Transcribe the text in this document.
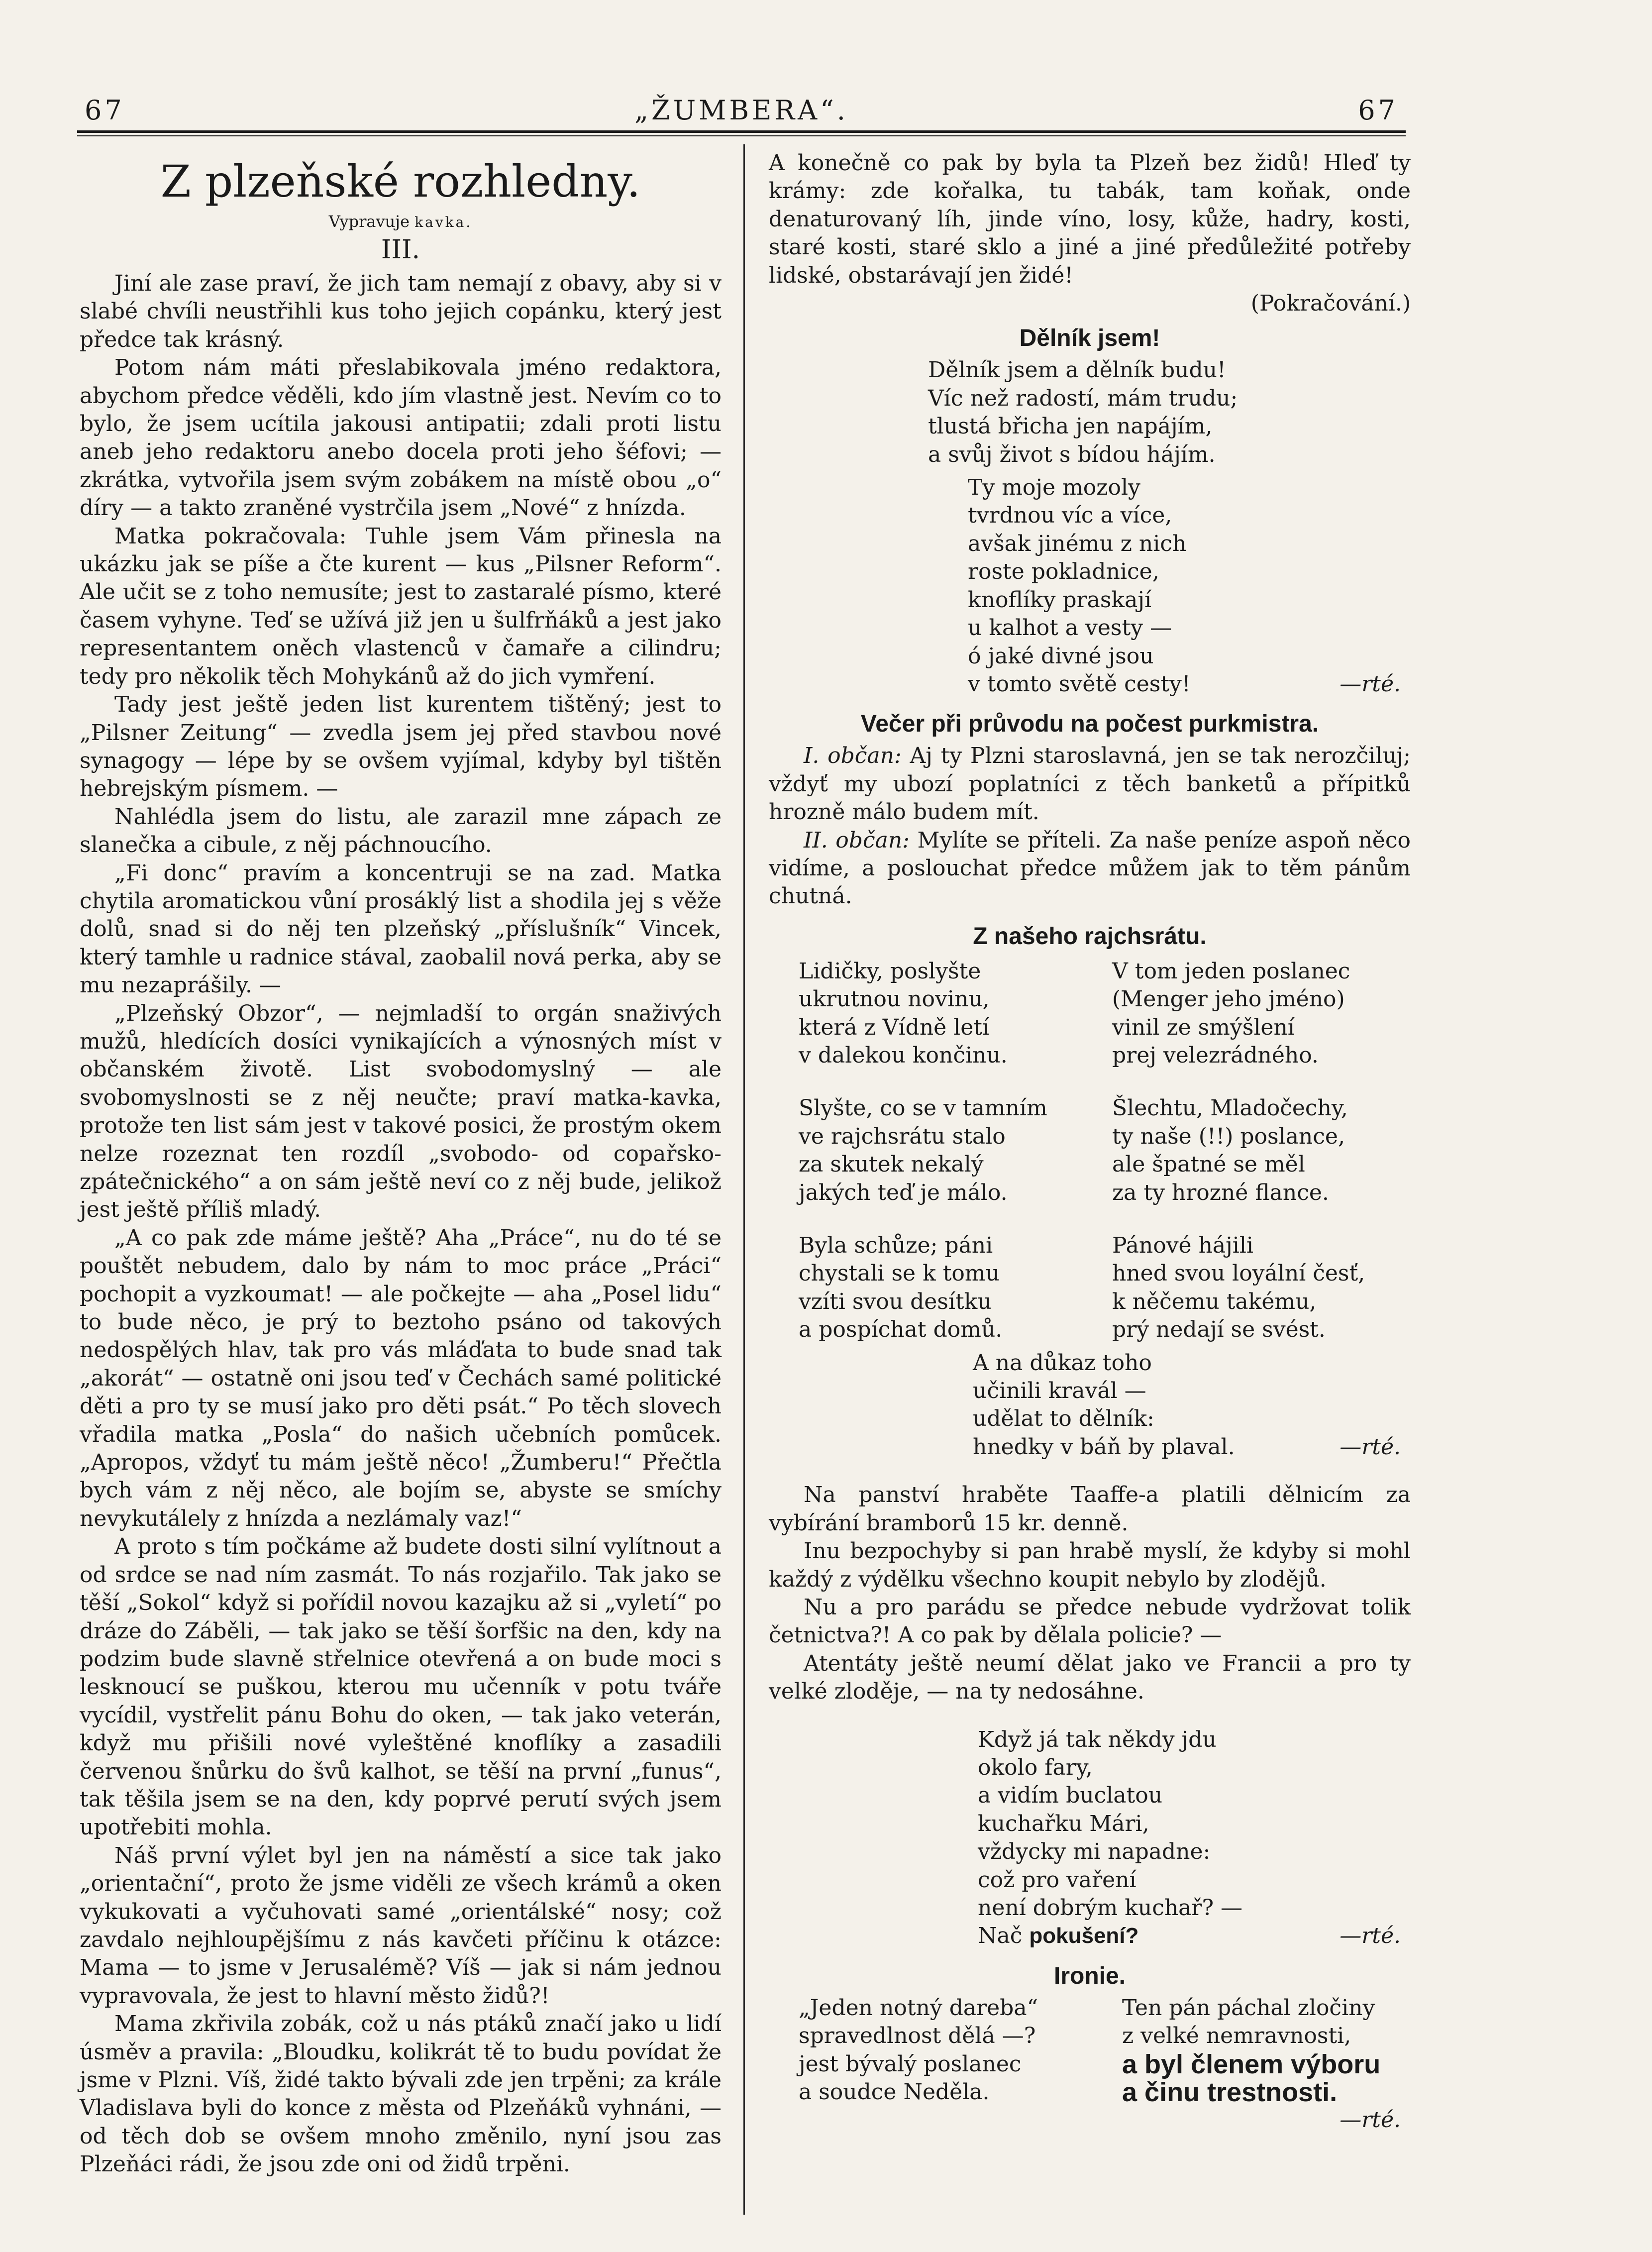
67	„ŽUMBERA“.	67
Z plzeňské rozhledny.
Vypravuje kavka.
III.

Jiní ale zase praví, že jich tam nemají z obavy, aby si v slabé chvíli neustřihli kus toho jejich copánku, který jest předce tak krásný.

Potom nám máti přeslabikovala jméno redaktora, abychom předce věděli, kdo jím vlastně jest. Nevím co to bylo, že jsem ucítila jakousi antipatii; zdali proti listu aneb jeho redaktoru anebo docela proti jeho šéfovi; — zkrátka, vytvořila jsem svým zobákem na místě obou „o“ díry — a takto zraněné vystrčila jsem „Nové“ z hnízda.

Matka pokračovala: Tuhle jsem Vám přinesla na ukázku jak se píše a čte kurent — kus „Pilsner Reform“. Ale učit se z toho nemusíte; jest to zastaralé písmo, které časem vyhyne. Teď se užívá již jen u šulfrňáků a jest jako representantem oněch vlastenců v čamaře a cilindru; tedy pro několik těch Mohykánů až do jich vymření.

Tady jest ještě jeden list kurentem tištěný; jest to „Pilsner Zeitung“ — zvedla jsem jej před stavbou nové synagogy — lépe by se ovšem vyjímal, kdyby byl tištěn hebrejským písmem. —

Nahlédla jsem do listu, ale zarazil mne zápach ze slanečka a cibule, z něj páchnoucího.

„Fi donc“ pravím a koncentruji se na zad. Matka chytila aromatickou vůní prosáklý list a shodila jej s věže dolů, snad si do něj ten plzeňský „příslušník“ Vincek, který tamhle u radnice stával, zaobalil nová perka, aby se mu nezaprášily. —

„Plzeňský Obzor“, — nejmladší to orgán snaživých mužů, hledících dosíci vynikajících a výnosných míst v občanském životě. List svobodomyslný — ale svobomyslnosti se z něj neučte; praví matka-kavka, protože ten list sám jest v takové posici, že prostým okem nelze rozeznat ten rozdíl „svobodo- od copařsko-zpátečnického“ a on sám ještě neví co z něj bude, jelikož jest ještě příliš mladý.

„A co pak zde máme ještě? Aha „Práce“, nu do té se pouštět nebudem, dalo by nám to moc práce „Práci“ pochopit a vyzkoumat! — ale počkejte — aha „Posel lidu“ to bude něco, je prý to beztoho psáno od takových nedospělých hlav, tak pro vás mláďata to bude snad tak „akorát“ — ostatně oni jsou teď v Čechách samé politické děti a pro ty se musí jako pro děti psát.“ Po těch slovech vřadila matka „Posla“ do našich učebních pomůcek. „Apropos, vždyť tu mám ještě něco! „Žumberu!“ Přečtla bych vám z něj něco, ale bojím se, abyste se smíchy nevykutálely z hnízda a nezlámaly vaz!“

A proto s tím počkáme až budete dosti silní vylítnout a od srdce se nad ním zasmát. To nás rozjařilo. Tak jako se těší „Sokol“ když si pořídil novou kazajku až si „vyletí“ po dráze do Záběli, — tak jako se těší šorfšic na den, kdy na podzim bude slavně střelnice otevřená a on bude moci s lesknoucí se puškou, kterou mu učenník v potu tváře vycídil, vystřelit pánu Bohu do oken, — tak jako veterán, když mu přišili nové vyleštěné knoflíky a zasadili červenou šnůrku do švů kalhot, se těší na první „funus“, tak těšila jsem se na den, kdy poprvé perutí svých jsem upotřebiti mohla.

Náš první výlet byl jen na náměstí a sice tak jako „orientační“, proto že jsme viděli ze všech krámů a oken vykukovati a vyčuhovati samé „orientálské“ nosy; což zavdalo nejhloupějšímu z nás kavčeti příčinu k otázce: Mama — to jsme v Jerusalémě? Víš — jak si nám jednou vypravovala, že jest to hlavní město židů?!

Mama zkřivila zobák, což u nás ptáků značí jako u lidí úsměv a pravila: „Bloudku, kolikrát tě to budu povídat že jsme v Plzni. Víš, židé takto bývali zde jen trpěni; za krále Vladislava byli do konce z města od Plzeňáků vyhnáni, — od těch dob se ovšem mnoho změnilo, nyní jsou zas Plzeňáci rádi, že jsou zde oni od židů trpěni.

A konečně co pak by byla ta Plzeň bez židů! Hleď ty krámy: zde kořalka, tu tabák, tam koňak, onde denaturovaný líh, jinde víno, losy, kůže, hadry, kosti, staré kosti, staré sklo a jiné a jiné předůležité potřeby lidské, obstarávají jen židé!

(Pokračování.)
Dělník jsem!
Dělník jsem a dělník budu!
Víc než radostí, mám trudu;
tlustá břicha jen napájím,
a svůj život s bídou hájím.
Ty moje mozoly
tvrdnou víc a více,
avšak jinému z nich
roste pokladnice,
knoflíky praskají
u kalhot a vesty —
ó jaké divné jsou
v tomto světě cesty!	—rté.
Večer při průvodu na počest purkmistra.

I. občan: Aj ty Plzni staroslavná, jen se tak nerozčiluj; vždyť my ubozí poplatníci z těch banketů a přípitků hrozně málo budem mít.

II. občan: Mylíte se příteli. Za naše peníze aspoň něco vidíme, a poslouchat předce můžem jak to těm pánům chutná.

Z našeho rajchsrátu.
Lidičky, poslyšte
ukrutnou novinu,
která z Vídně letí
v dalekou končinu.
Slyšte, co se v tamním
ve rajchsrátu stalo
za skutek nekalý
jakých teď je málo.
Byla schůze; páni
chystali se k tomu
vzíti svou desítku
a pospíchat domů.
V tom jeden poslanec
(Menger jeho jméno)
vinil ze smýšlení
prej velezrádného.
Šlechtu, Mladočechy,
ty naše (!!) poslance,
ale špatné se měl
za ty hrozné flance.
Pánové hájili
hned svou loyální česť,
k něčemu takému,
prý nedají se svést.
A na důkaz toho
učinili kravál —
udělat to dělník:
hnedky v báň by plaval.	—rté.

Na panství hraběte Taaffe-a platili dělnicím za vybírání bramborů 15 kr. denně.

Inu bezpochyby si pan hrabě myslí, že kdyby si mohl každý z výdělku všechno koupit nebylo by zlodějů.

Nu a pro parádu se předce nebude vydržovat tolik četnictva?! A co pak by dělala policie? —

Atentáty ještě neumí dělat jako ve Francii a pro ty velké zloděje, — na ty nedosáhne.

Když já tak někdy jdu
okolo fary,
a vidím buclatou
kuchařku Mári,
vždycky mi napadne:
což pro vaření
není dobrým kuchař? —
Nač pokušení?	—rté.
Ironie.
„Jeden notný dareba“
spravedlnost dělá —?
jest bývalý poslanec
a soudce Neděla.
Ten pán páchal zločiny
z velké nemravnosti,
a byl členem výboru
a činu trestnosti.
—rté.
